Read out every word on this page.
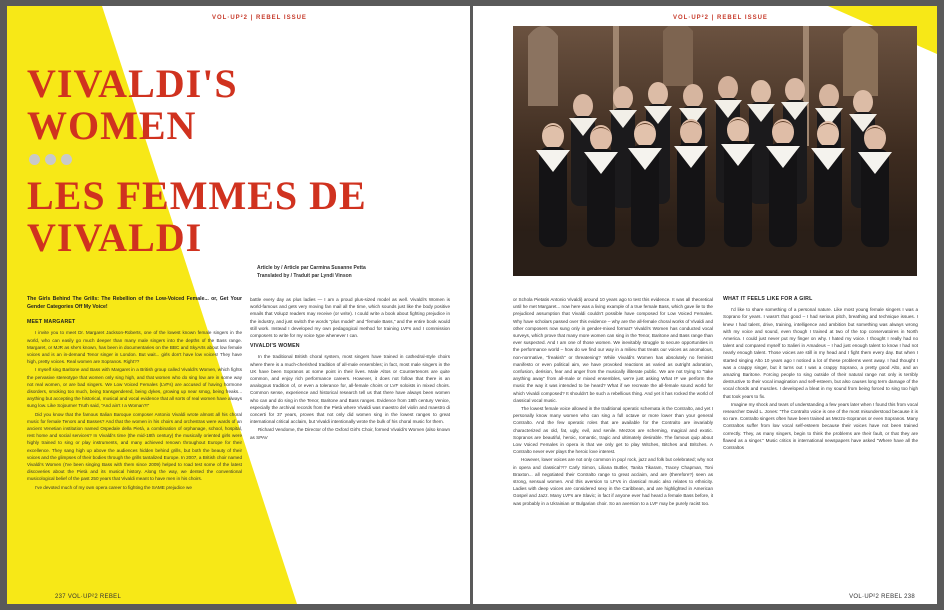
VOL·UP²2 | REBEL ISSUE
VIVALDI'S
WOMEN
LES FEMMES DE
VIVALDI
Article by / Article par Carmina Susanne Petta
Translated by / Traduit par Lyndi Vinson

The Girls Behind The Grills: The Rebellion of the Low-Voiced Female... or, Get Your Gender Categories Off My Voice!

MEET MARGARET

I invite you to meet Dr. Margaret Jackson-Roberts, one of the lowest known female singers in the world, who can easily go much deeper than many male singers into the depths of the Bass range. Margaret, or MJR as she's known, has been in documentaries on the BBC and SkyArts about low female voices and is an in-demand Tenor singer in London. But wait... girls don't have low voices! They have high, pretty voices. Real women are Sopranos. Right??

I myself sing Baritone and Bass with Margaret in a British group called Vivaldi's Women, which fights the pervasive stereotype that women only sing high, and that women who do sing low are in some way not real women, or are bad singers. We Low Voiced Females (LVFs) are accused of having hormone disorders, smoking too much, being transgendered, being dykes, growing up near smog, being freaks... anything but accepting the historical, musical and vocal evidence that all sorts of real women have always sung low. Like Sojourner Truth said, "And ain't I a Woman?!"

Did you know that the famous Italian Baroque composer Antonio Vivaldi wrote almost all his choral music for female Tenors and Basses? And that the women in his choirs and orchestras were wards of an ancient Venetian institution named Ospedale della Pietà, a combination of orphanage, school, hospital, rest home and social services? In Vivaldi's time (the mid-18th century) the musically oriented girls were highly trained to sing or play instruments, and many achieved renown throughout Europe for their excellence. They sang high up above the audiences hidden behind grills, but both the beauty of their voices and the glimpses of their bodies through the grills tantalized Europe. In 2007, a British choir named Vivaldi's Women (I've been singing Bass with them since 2009) helped to road test some of the latest discoveries about the Pietà and its musical history. Along the way, we dented the conventional musicological belief of the past 250 years that Vivaldi meant to have men in his choirs.

I've devoted much of my own opera career to fighting the SAME prejudice we

battle every day as plus ladies — I am a proud plus-sized model as well. Vivaldi's Women is world-famous and gets very moving fan mail all the time, which sounds just like the body positive emails that Volup2 readers may receive (or write). I could write a book about fighting prejudice in the industry, and just switch the words "plus model" and "female Bass," and the entire book would still work. Instead I developed my own pedagogical method for training LVFs and I commission composers to write for my voice type whenever I can.

VIVALDI'S WOMEN

In the traditional British choral system, most singers have trained in cathedral-style choirs where there is a much-cherished tradition of all-male ensembles; in fact, most male singers in the UK have been Sopranos at some point in their lives. Male Altos or Countertenors are quite common, and enjoy rich performance careers. However, it does not follow that there is an analogous tradition of, or even a tolerance for, all-female choirs or LVF soloists in mixed choirs. Common sense, experience and historical research tell us that there have always been women who can and do sing in the Tenor, Baritone and Bass ranges. Evidence from 18th century Venice, especially the archival records from the Pietà where Vivaldi was maestro del violin and maestro di concerti for 37 years, proves that not only did women sing in the lowest ranges to great international critical acclaim, but Vivaldi intentionally wrote the bulk of his choral music for them.

Richard Vendome, the Director of the Oxford Girl's Choir, formed Vivaldi's Women (also known as SPAV

237 VOL·UP²2 REBEL
VOL·UP²2 | REBEL ISSUE

or Schola Pietatis Antonio Vivaldi) around 10 years ago to test this evidence. It was all theoretical until he met Margaret... now here was a living example of a true female Bass, which gave lie to the prejudiced assumption that Vivaldi couldn't possible have composed for Low Voiced Females. Why have scholars passed over this evidence – why are the all-female choral works of Vivaldi and other composers now sung only in gender-mixed format? Vivaldi's Women has conducted vocal surveys, which prove that many more women can sing in the Tenor, Baritone and Bass range than ever suspected. And I am one of those women. We inevitably struggle to secure opportunities in the performance world – how do we find our way in a milieu that treats our voices as anomalous, non-normative, "freakish" or threatening? While Vivaldi's Women has absolutely no feminist manifesto or even political aim, we have provoked reactions as varied as outright adoration, confusion, derision, fear and anger from the musically illiterate public. We are not trying to "take anything away" from all-male or mixed ensembles, we're just asking What IF we perform the music the way it was intended to be heard? What if we recreate the all-female sound world for which Vivaldi composed? It shouldn't be such a rebellious thing. And yet it has rocked the world of classical vocal music.

The lowest female voice allowed in the traditional operatic schemata is the Contralto, and yet I personally know many women who can sing a full octave or more lower than your general Contralto. And the few operatic roles that are available for the Contralto are invariably characterized as old, fat, ugly, evil, and senile. Mezzos are scheming, magical and exotic. Sopranos are beautiful, heroic, romantic, tragic and ultimately desirable. The famous quip about Low Voiced Females in opera is that we only get to play Witches, Bitches and Britches. A Contralto never ever plays the heroic love interest.

However, lower voices are not only common in pop/ rock, jazz and folk but celebrated; why not in opera and classical?!? Carly Simon, Liliana Buttler, Tanita Tikaram, Tracey Chapman, Toni Braxton... all negotiated their Contralto range to great acclaim, and are (therefore?) seen as strong, sensual women. And this aversion to LFVs in classical music also relates to ethnicity. Ladies with deep voices are considered sexy in the Caribbean, and are highlighted in American Gospel and Jazz. Many LVFs are Slavic; in fact if anyone ever had heard a female Bass before, it was probably in a Ukrainian or Bulgarian choir. So an aversion to a LVF may be purely racist too.

WHAT IT FEELS LIKE FOR A GIRL

I'd like to share something of a personal nature. Like most young female singers I was a Soprano for years. I wasn't that good – I had serious pitch, breathing and technique issues. I knew I had talent, drive, training, intelligence and ambition but something was always wrong with my voice and sound, even though I trained at two of the top conservatoires in North America. I could just never put my finger on why. I hated my voice. I thought I really had no talent and compared myself to Salieri in Amadeus – I had just enough talent to know I had not nearly enough talent. Those voices are still in my head and I fight them every day. But when I started singing Alto 10 years ago I noticed a lot of these problems went away. I had thought I was a crappy singer, but it turns out I was a crappy Soprano, a pretty good Alto, and an amazing Baritone. Forcing people to sing outside of their natural range not only is terribly destructive to their vocal imagination and self-esteem, but also causes long term damage of the vocal chords and muscles. I developed a bleat in my sound from being forced to sing too high that took years to fix.

Imagine my shock and tears of understanding a few years later when I found this from vocal researcher David L. Jones: "The Contralto voice is one of the most misunderstood because it is so rare. Contralto singers often have been trained as Mezzo-Sopranos or even Sopranos. Many Contraltos suffer from low vocal self-esteem because their voices have not been trained correctly. They, as many singers, begin to think the problems are their fault, or that they are flawed as a singer." Music critics in international newspapers have asked "Where have all the Contraltos

VOL·UP²2 REBEL 238
